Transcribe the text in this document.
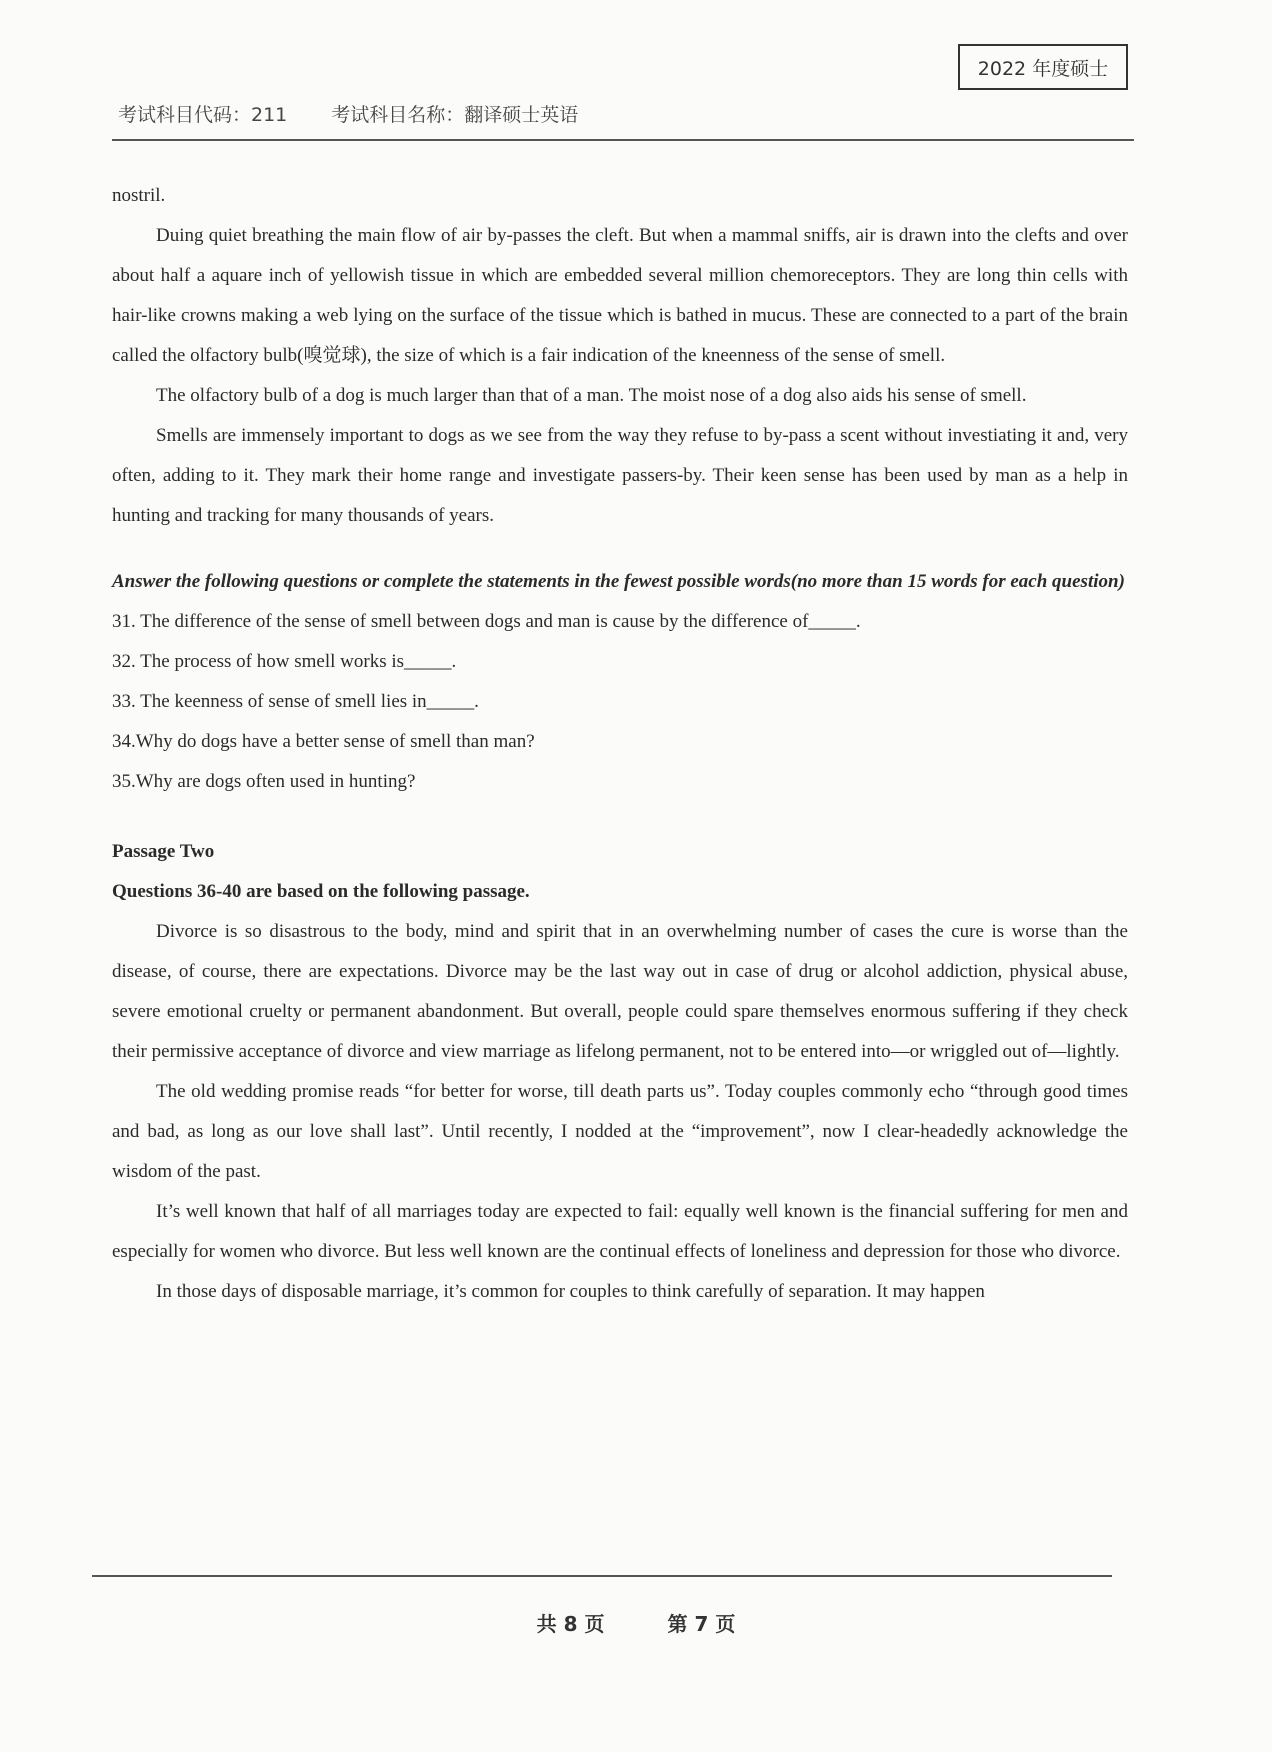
2022 年度硕士
考试科目代码：211 考试科目名称：翻译硕士英语

nostril.

Duing quiet breathing the main flow of air by-passes the cleft. But when a mammal sniffs, air is drawn into the clefts and over about half a aquare inch of yellowish tissue in which are embedded several million chemoreceptors. They are long thin cells with hair-like crowns making a web lying on the surface of the tissue which is bathed in mucus. These are connected to a part of the brain called the olfactory bulb(嗅觉球), the size of which is a fair indication of the kneenness of the sense of smell.

The olfactory bulb of a dog is much larger than that of a man. The moist nose of a dog also aids his sense of smell.

Smells are immensely important to dogs as we see from the way they refuse to by-pass a scent without investiating it and, very often, adding to it. They mark their home range and investigate passers-by. Their keen sense has been used by man as a help in hunting and tracking for many thousands of years.

Answer the following questions or complete the statements in the fewest possible words(no more than 15 words for each question)

31. The difference of the sense of smell between dogs and man is cause by the difference of_____.

32. The process of how smell works is_____.

33. The keenness of sense of smell lies in_____.

34.Why do dogs have a better sense of smell than man?

35.Why are dogs often used in hunting?

Passage Two

Questions 36-40 are based on the following passage.

Divorce is so disastrous to the body, mind and spirit that in an overwhelming number of cases the cure is worse than the disease, of course, there are expectations. Divorce may be the last way out in case of drug or alcohol addiction, physical abuse, severe emotional cruelty or permanent abandonment. But overall, people could spare themselves enormous suffering if they check their permissive acceptance of divorce and view marriage as lifelong permanent, not to be entered into—or wriggled out of—lightly.

The old wedding promise reads “for better for worse, till death parts us”. Today couples commonly echo “through good times and bad, as long as our love shall last”. Until recently, I nodded at the “improvement”, now I clear-headedly acknowledge the wisdom of the past.

It’s well known that half of all marriages today are expected to fail: equally well known is the financial suffering for men and especially for women who divorce. But less well known are the continual effects of loneliness and depression for those who divorce.

In those days of disposable marriage, it’s common for couples to think carefully of separation. It may happen

共 8 页	第 7 页
